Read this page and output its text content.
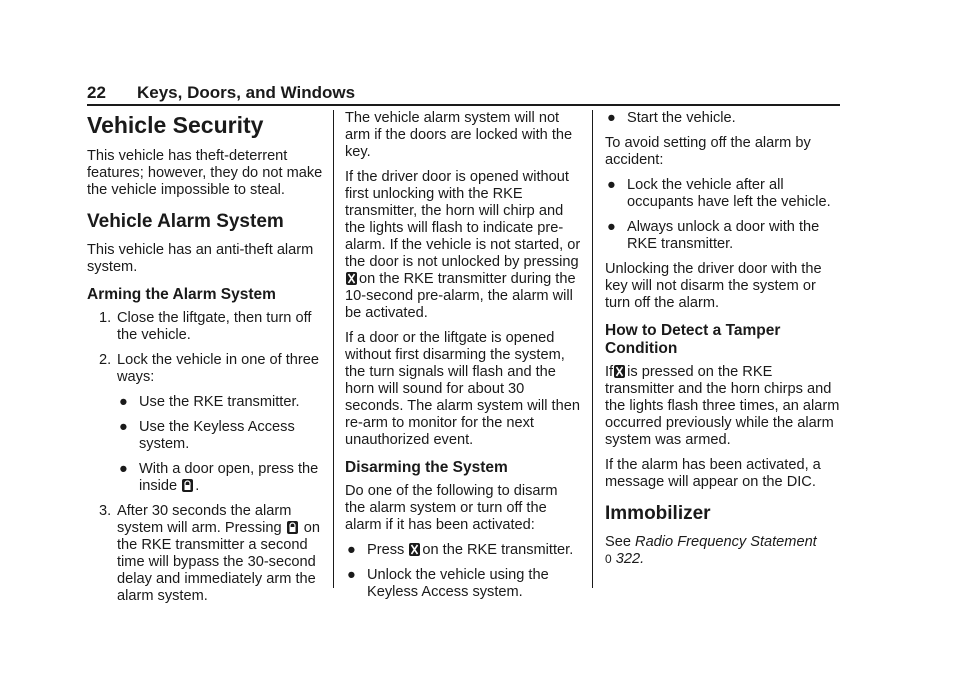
22 Keys, Doors, and Windows
Vehicle Security

This vehicle has theft-deterrent features; however, they do not make the vehicle impossible to steal.

Vehicle Alarm System

This vehicle has an anti-theft alarm system.

Arming the Alarm System
1. Close the liftgate, then turn off the vehicle.
2. Lock the vehicle in one of three ways:
● Use the RKE transmitter.
● Use the Keyless Access system.
● With a door open, press the inside .
3. After 30 seconds the alarm system will arm. Pressing on the RKE transmitter a second time will bypass the 30-second delay and immediately arm the alarm system.

The vehicle alarm system will not arm if the doors are locked with the key.

If the driver door is opened without first unlocking with the RKE transmitter, the horn will chirp and the lights will flash to indicate pre-alarm. If the vehicle is not started, or the door is not unlocked by pressing
on the RKE transmitter during the 10-second pre-alarm, the alarm will be activated.

If a door or the liftgate is opened without first disarming the system, the turn signals will flash and the horn will sound for about 30 seconds. The alarm system will then re-arm to monitor for the next unauthorized event.

Disarming the System

Do one of the following to disarm the alarm system or turn off the alarm if it has been activated:

● Press on the RKE transmitter.
● Unlock the vehicle using the Keyless Access system.
● Start the vehicle.

To avoid setting off the alarm by accident:

● Lock the vehicle after all occupants have left the vehicle.
● Always unlock a door with the RKE transmitter.

Unlocking the driver door with the key will not disarm the system or turn off the alarm.

How to Detect a Tamper Condition

If is pressed on the RKE transmitter and the horn chirps and the lights flash three times, an alarm occurred previously while the alarm system was armed.

If the alarm has been activated, a message will appear on the DIC.

Immobilizer

See Radio Frequency Statement
0 322.
